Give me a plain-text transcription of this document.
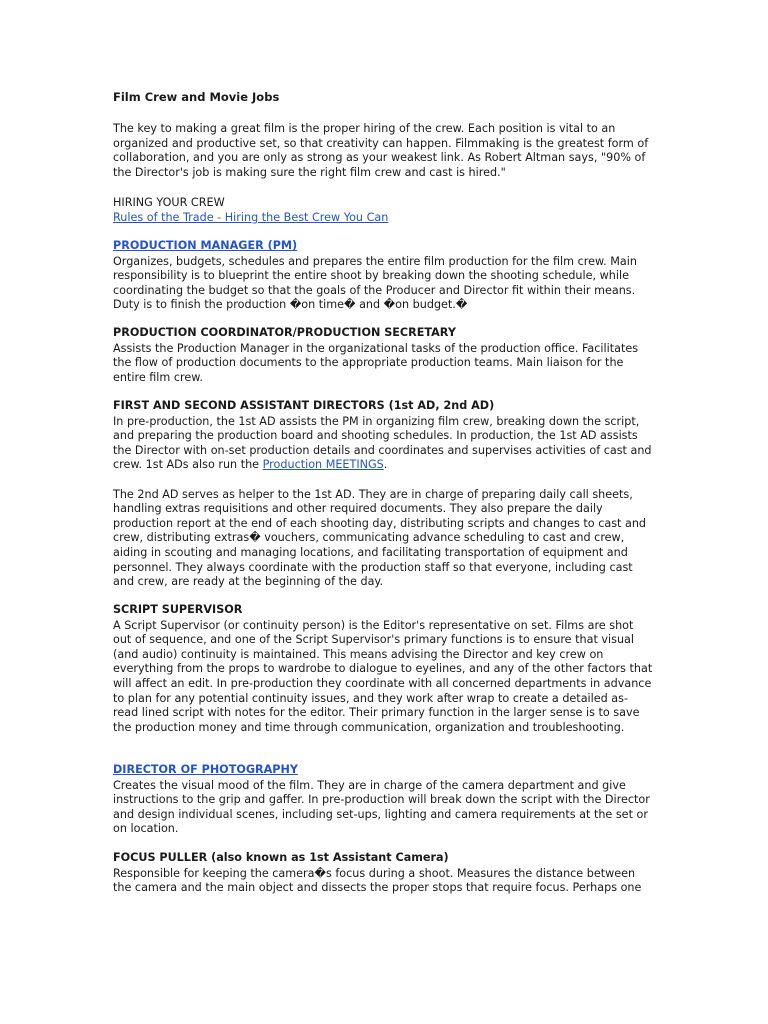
Film Crew and Movie Jobs

The key to making a great film is the proper hiring of the crew. Each position is vital to an organized and productive set, so that creativity can happen. Filmmaking is the greatest form of collaboration, and you are only as strong as your weakest link. As Robert Altman says, "90% of the Director's job is making sure the right film crew and cast is hired."

HIRING YOUR CREW
Rules of the Trade - Hiring the Best Crew You Can
PRODUCTION MANAGER (PM)

Organizes, budgets, schedules and prepares the entire film production for the film crew. Main responsibility is to blueprint the entire shoot by breaking down the shooting schedule, while coordinating the budget so that the goals of the Producer and Director fit within their means. Duty is to finish the production �on time� and �on budget.�

PRODUCTION COORDINATOR/PRODUCTION SECRETARY

Assists the Production Manager in the organizational tasks of the production office. Facilitates the flow of production documents to the appropriate production teams. Main liaison for the entire film crew.

FIRST AND SECOND ASSISTANT DIRECTORS (1st AD, 2nd AD)

In pre-production, the 1st AD assists the PM in organizing film crew, breaking down the script, and preparing the production board and shooting schedules. In production, the 1st AD assists the Director with on-set production details and coordinates and supervises activities of cast and crew. 1st ADs also run the Production MEETINGS.

The 2nd AD serves as helper to the 1st AD. They are in charge of preparing daily call sheets, handling extras requisitions and other required documents. They also prepare the daily production report at the end of each shooting day, distributing scripts and changes to cast and crew, distributing extras� vouchers, communicating advance scheduling to cast and crew, aiding in scouting and managing locations, and facilitating transportation of equipment and personnel. They always coordinate with the production staff so that everyone, including cast and crew, are ready at the beginning of the day.

SCRIPT SUPERVISOR

A Script Supervisor (or continuity person) is the Editor's representative on set. Films are shot out of sequence, and one of the Script Supervisor's primary functions is to ensure that visual (and audio) continuity is maintained. This means advising the Director and key crew on everything from the props to wardrobe to dialogue to eyelines, and any of the other factors that will affect an edit. In pre-production they coordinate with all concerned departments in advance to plan for any potential continuity issues, and they work after wrap to create a detailed as-read lined script with notes for the editor. Their primary function in the larger sense is to save the production money and time through communication, organization and troubleshooting.

DIRECTOR OF PHOTOGRAPHY

Creates the visual mood of the film. They are in charge of the camera department and give instructions to the grip and gaffer. In pre-production will break down the script with the Director and design individual scenes, including set-ups, lighting and camera requirements at the set or on location.

FOCUS PULLER (also known as 1st Assistant Camera)

Responsible for keeping the camera�s focus during a shoot. Measures the distance between the camera and the main object and dissects the proper stops that require focus. Perhaps one
